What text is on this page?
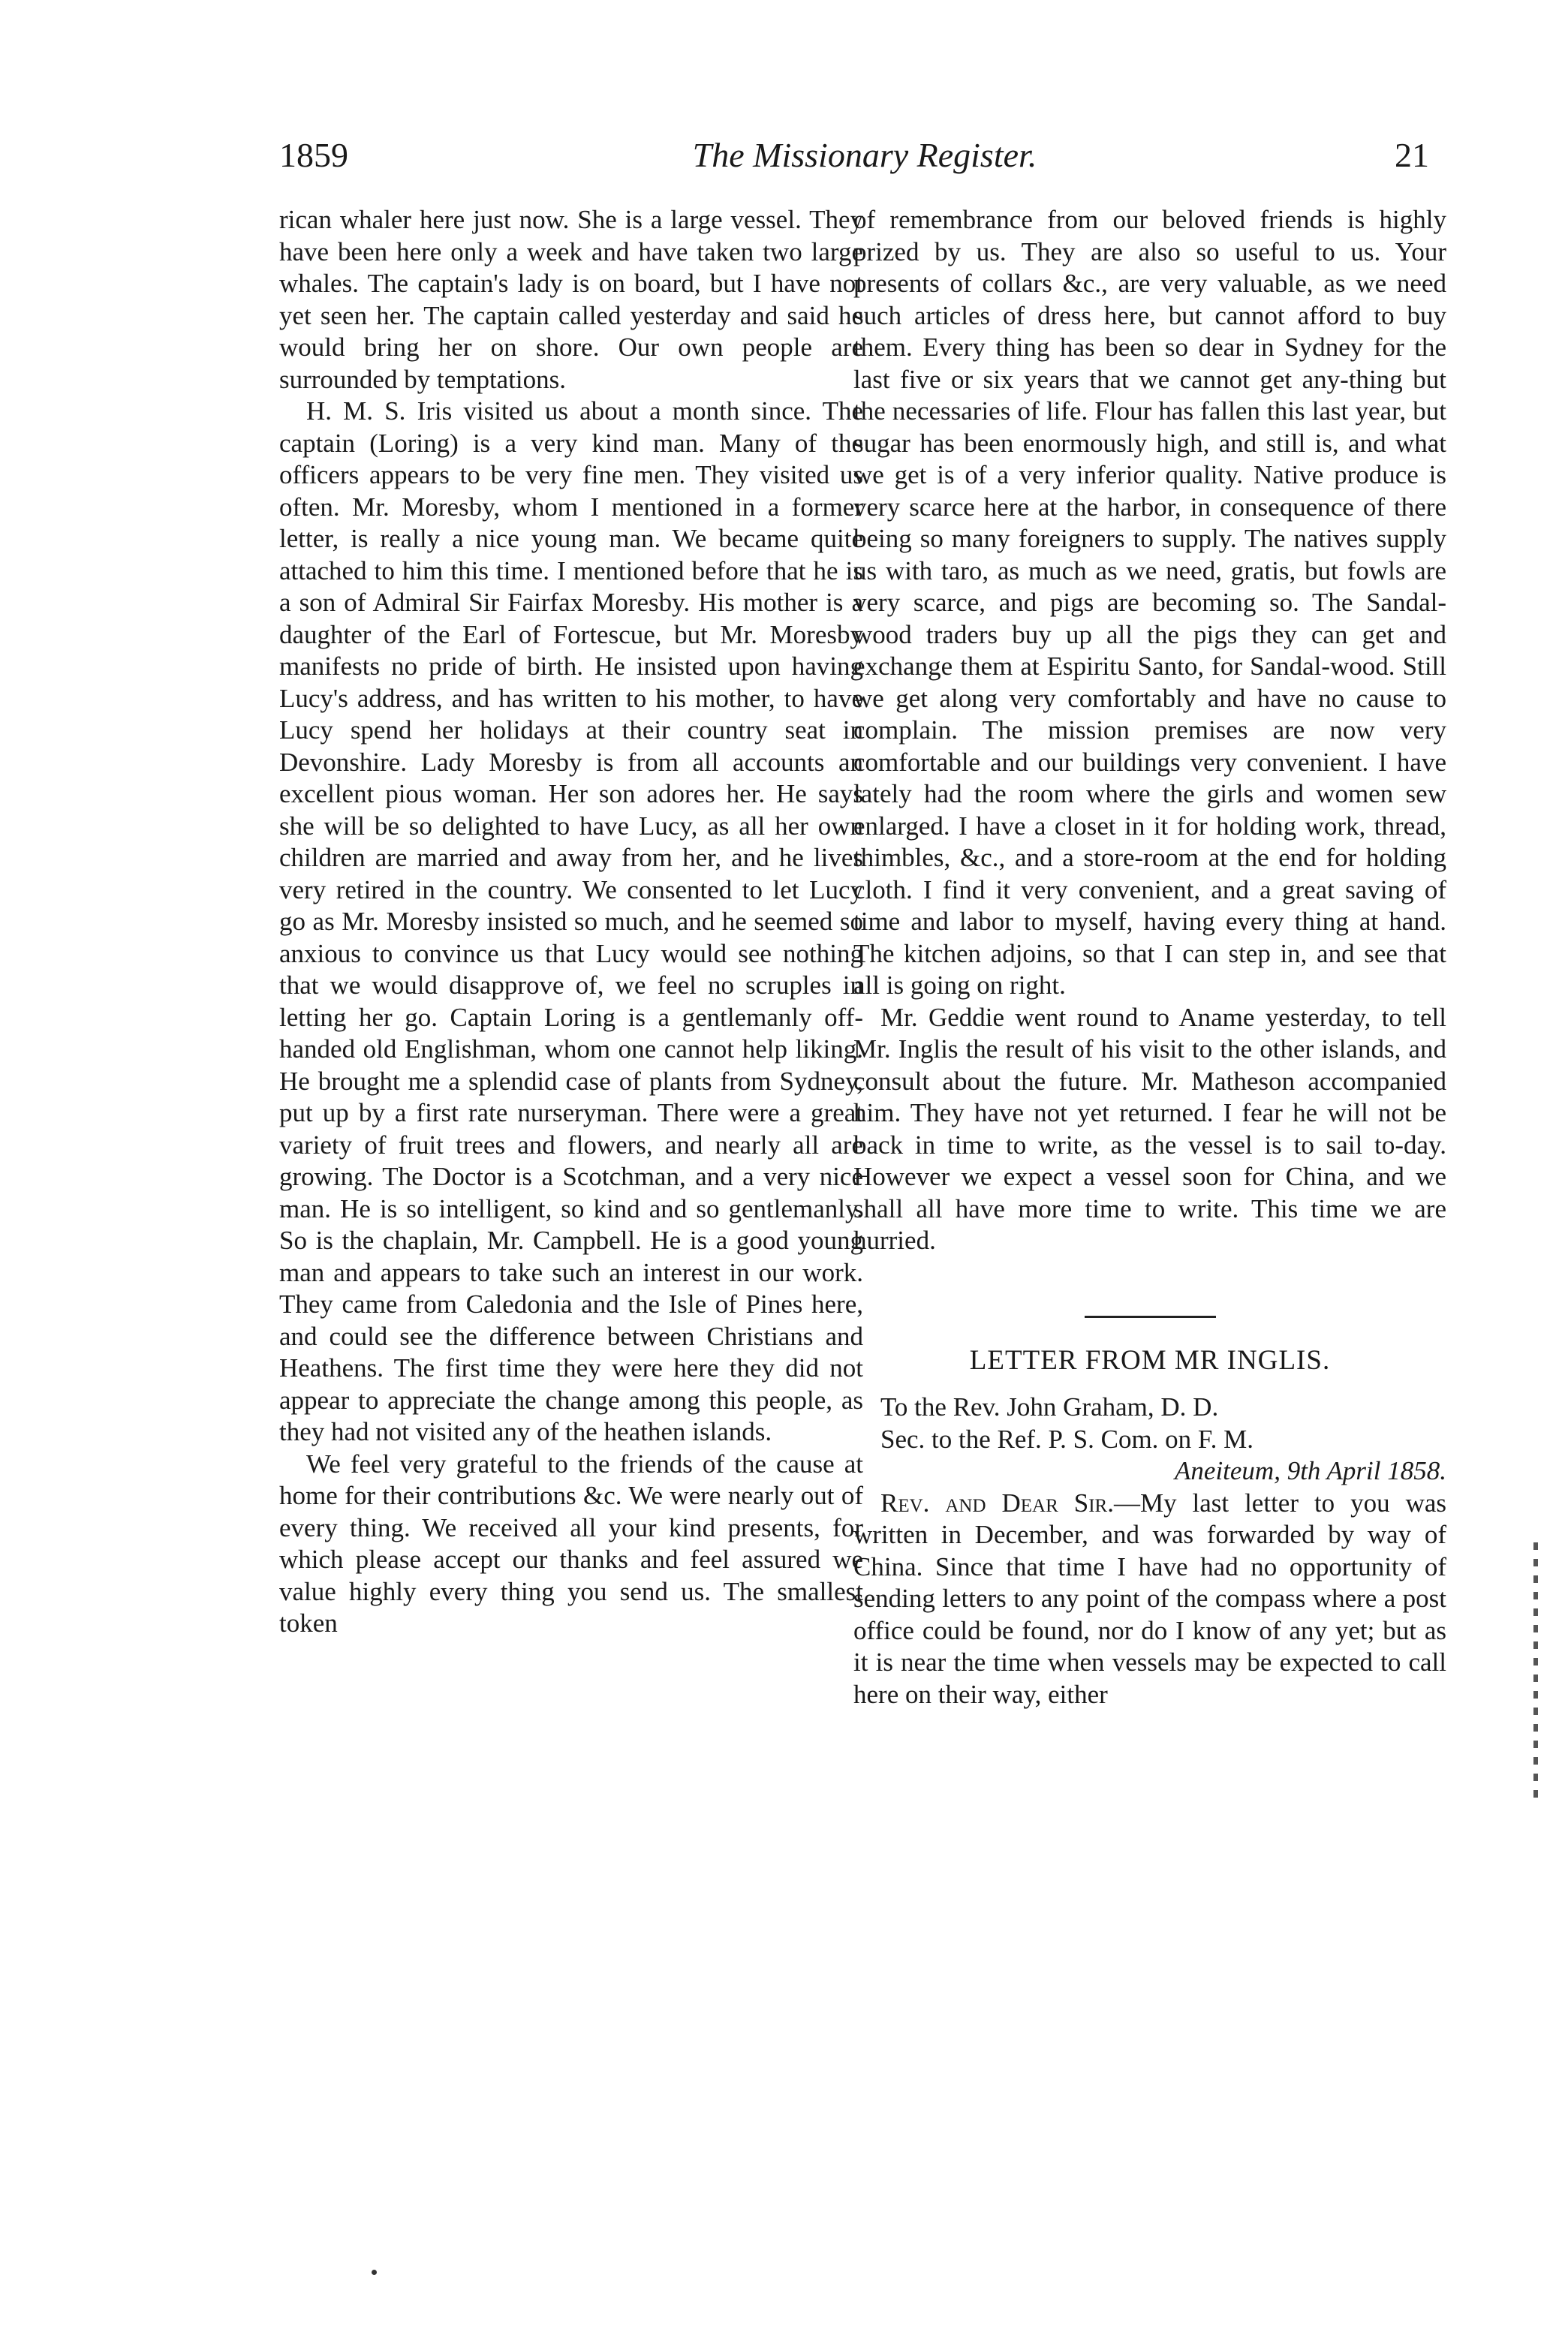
1859	The Missionary Register.	21

rican whaler here just now. She is a large vessel. They have been here only a week and have taken two large whales. The captain's lady is on board, but I have not yet seen her. The captain called yesterday and said he would bring her on shore. Our own people are surrounded by temptations.

H. M. S. Iris visited us about a month since. The captain (Loring) is a very kind man. Many of the officers appears to be very fine men. They visited us often. Mr. Moresby, whom I mentioned in a former letter, is really a nice young man. We became quite attached to him this time. I mentioned before that he is a son of Admiral Sir Fairfax Moresby. His mother is a daughter of the Earl of Fortescue, but Mr. Moresby manifests no pride of birth. He insisted upon having Lucy's address, and has written to his mother, to have Lucy spend her holidays at their country seat in Devonshire. Lady Moresby is from all accounts an excellent pious woman. Her son adores her. He says she will be so delighted to have Lucy, as all her own children are married and away from her, and he lives very retired in the country. We consented to let Lucy go as Mr. Moresby insisted so much, and he seemed so anxious to convince us that Lucy would see nothing that we would disapprove of, we feel no scruples in letting her go. Captain Loring is a gentlemanly off-handed old Englishman, whom one cannot help liking. He brought me a splendid case of plants from Sydney, put up by a first rate nurseryman. There were a great variety of fruit trees and flowers, and nearly all are growing. The Doctor is a Scotchman, and a very nice man. He is so intelligent, so kind and so gentlemanly. So is the chaplain, Mr. Campbell. He is a good young man and appears to take such an interest in our work. They came from Caledonia and the Isle of Pines here, and could see the difference between Christians and Heathens. The first time they were here they did not appear to appreciate the change among this people, as they had not visited any of the heathen islands.

We feel very grateful to the friends of the cause at home for their contributions &c. We were nearly out of every thing. We received all your kind presents, for which please accept our thanks and feel assured we value highly every thing you send us. The smallest token

of remembrance from our beloved friends is highly prized by us. They are also so useful to us. Your presents of collars &c., are very valuable, as we need such articles of dress here, but cannot afford to buy them. Every thing has been so dear in Sydney for the last five or six years that we cannot get any-thing but the necessaries of life. Flour has fallen this last year, but sugar has been enormously high, and still is, and what we get is of a very inferior quality. Native produce is very scarce here at the harbor, in consequence of there being so many foreigners to supply. The natives supply us with taro, as much as we need, gratis, but fowls are very scarce, and pigs are becoming so. The Sandal-wood traders buy up all the pigs they can get and exchange them at Espiritu Santo, for Sandal-wood. Still we get along very comfortably and have no cause to complain. The mission premises are now very comfortable and our buildings very convenient. I have lately had the room where the girls and women sew enlarged. I have a closet in it for holding work, thread, thimbles, &c., and a store-room at the end for holding cloth. I find it very convenient, and a great saving of time and labor to myself, having every thing at hand. The kitchen adjoins, so that I can step in, and see that all is going on right.

Mr. Geddie went round to Aname yesterday, to tell Mr. Inglis the result of his visit to the other islands, and consult about the future. Mr. Matheson accompanied him. They have not yet returned. I fear he will not be back in time to write, as the vessel is to sail to-day. However we expect a vessel soon for China, and we shall all have more time to write. This time we are hurried.

LETTER FROM MR INGLIS.

To the Rev. John Graham, D. D.

Sec. to the Ref. P. S. Com. on F. M.

Aneiteum, 9th April 1858.

Rev. and Dear Sir.—My last letter to you was written in December, and was forwarded by way of China. Since that time I have had no opportunity of sending letters to any point of the compass where a post office could be found, nor do I know of any yet; but as it is near the time when vessels may be expected to call here on their way, either
